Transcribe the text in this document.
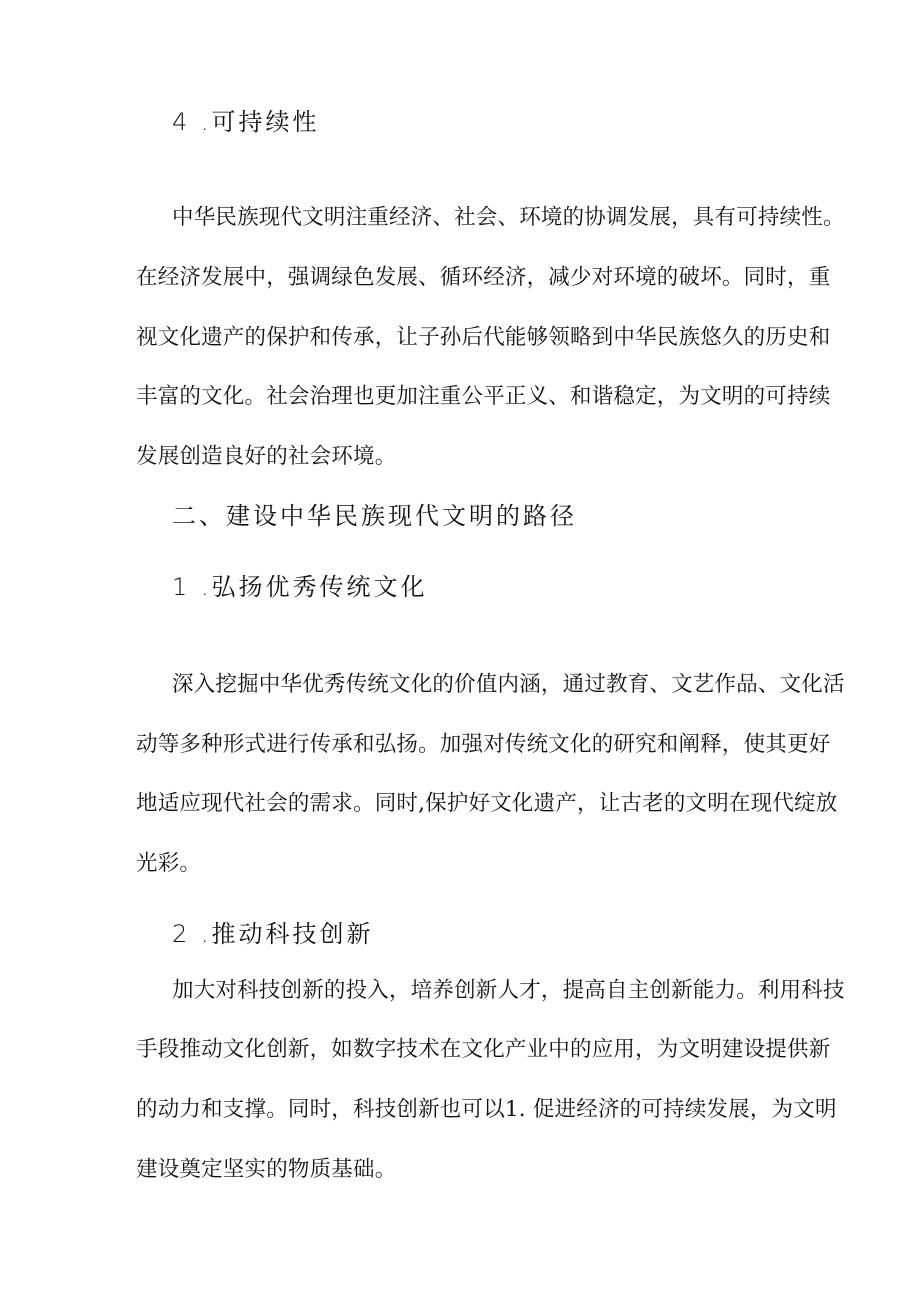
4 .可持续性
中华民族现代文明注重经济、社会、环境的协调发展，具有可持续性。
在经济发展中，强调绿色发展、循环经济，减少对环境的破坏。同时，重
视文化遗产的保护和传承，让子孙后代能够领略到中华民族悠久的历史和
丰富的文化。社会治理也更加注重公平正义、和谐稳定，为文明的可持续
发展创造良好的社会环境。
二、建设中华民族现代文明的路径
1 .弘扬优秀传统文化
深入挖掘中华优秀传统文化的价值内涵，通过教育、文艺作品、文化活
动等多种形式进行传承和弘扬。加强对传统文化的研究和阐释，使其更好
地适应现代社会的需求。同时,保护好文化遗产，让古老的文明在现代绽放
光彩。
2 .推动科技创新
加大对科技创新的投入，培养创新人才，提高自主创新能力。利用科技
手段推动文化创新，如数字技术在文化产业中的应用，为文明建设提供新
的动力和支撑。同时，科技创新也可以1. 促进经济的可持续发展，为文明
建设奠定坚实的物质基础。
